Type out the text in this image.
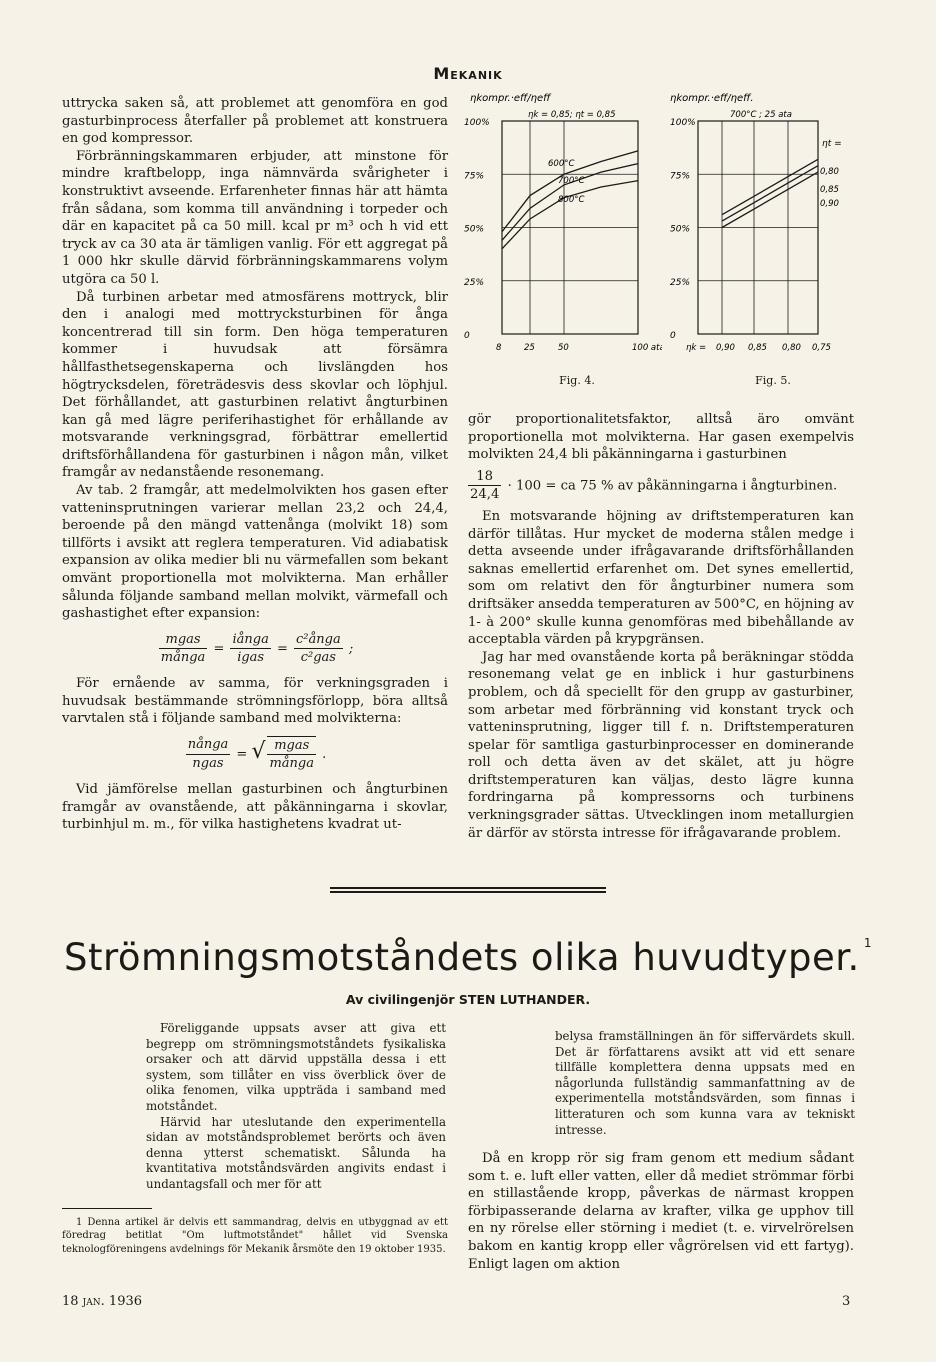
Mekanik

uttrycka saken så, att problemet att genomföra en god gasturbinprocess återfaller på problemet att konstruera en god kompressor.

Förbränningskammaren erbjuder, att minstone för mindre kraftbelopp, inga nämnvärda svårigheter i konstruktivt avseende. Erfarenheter finnas här att hämta från sådana, som komma till användning i torpeder och där en kapacitet på ca 50 mill. kcal pr m³ och h vid ett tryck av ca 30 ata är tämligen vanlig. För ett aggregat på 1 000 hkr skulle därvid förbränningskammarens volym utgöra ca 50 l.

Då turbinen arbetar med atmosfärens mottryck, blir den i analogi med mottrycksturbinen för ånga koncentrerad till sin form. Den höga temperaturen kommer i huvudsak att försämra hållfasthetsegenskaperna och livslängden hos högtrycksdelen, företrädesvis dess skovlar och löphjul. Det förhållandet, att gasturbinen relativt ångturbinen kan gå med lägre periferihastighet för erhållande av motsvarande verkningsgrad, förbättrar emellertid driftsförhållandena för gasturbinen i någon mån, vilket framgår av nedanstående resonemang.

Av tab. 2 framgår, att medelmolvikten hos gasen efter vatteninsprutningen varierar mellan 23,2 och 24,4, beroende på den mängd vattenånga (molvikt 18) som tillförts i avsikt att reglera temperaturen. Vid adiabatisk expansion av olika medier bli nu värmefallen som bekant omvänt proportionella mot molvikterna. Man erhåller sålunda följande samband mellan molvikt, värmefall och gashastighet efter expansion:

$\frac{\text{mgas}}{\text{många}} = \frac{\text{iånga}}{\text{igas}} = \frac{\text{c²ånga}}{\text{c²gas}}$ ;

För ernående av samma, för verkningsgraden i huvudsak bestämmande strömningsförlopp, böra alltså varvtalen stå i följande samband med molvikterna:

$\frac{\text{nånga}}{\text{ngas}}$ = √ $\frac{\text{mgas}}{\text{många}}$ .

Vid jämförelse mellan gasturbinen och ångturbinen framgår av ovanstående, att påkänningarna i skovlar, turbinhjul m. m., för vilka hastighetens kvadrat ut-

ηkompr.·eff/ηeff
ηk = 0,85; ηt = 0,85
100%
75%
50%
25%
0
8	25	50	100 ata
600°C
700°C
800°C
Fig. 4.
ηkompr.·eff/ηeff.
700°C ; 25 ata
ηt =
100%
75%
50%
25%
0
0,90 0,85 0,80 0,75
0,80
0,85
0,90
ηk =
Fig. 5.

gör proportionalitetsfaktor, alltså äro omvänt proportionella mot molvikterna. Har gasen exempelvis molvikten 24,4 bli påkänningarna i gasturbinen

$\frac{18}{24,4} \cdot 100$ = ca 75 % av påkänningarna i ångturbinen.

En motsvarande höjning av driftstemperaturen kan därför tillåtas. Hur mycket de moderna stålen medge i detta avseende under ifrågavarande driftsförhållanden saknas emellertid erfarenhet om. Det synes emellertid, som om relativt den för ångturbiner numera som driftsäker ansedda temperaturen av 500°C, en höjning av 1- à 200° skulle kunna genomföras med bibehållande av acceptabla värden på krypgränsen.

Jag har med ovanstående korta på beräkningar stödda resonemang velat ge en inblick i hur gasturbinens problem, och då speciellt för den grupp av gasturbiner, som arbetar med förbränning vid konstant tryck och vatteninsprutning, ligger till f. n. Driftstemperaturen spelar för samtliga gasturbinprocesser en dominerande roll och detta även av det skälet, att ju högre driftstemperaturen kan väljas, desto lägre kunna fordringarna på kompressorns och turbinens verkningsgrader sättas. Utvecklingen inom metallurgien är därför av största intresse för ifrågavarande problem.

Strömningsmotståndets olika huvudtyper. $^1$
Av civilingenjör STEN LUTHANDER.

Föreliggande uppsats avser att giva ett begrepp om strömningsmotståndets fysikaliska orsaker och att därvid uppställa dessa i ett system, som tillåter en viss överblick över de olika fenomen, vilka uppträda i samband med motståndet.

Härvid har uteslutande den experimentella sidan av motståndsproblemet berörts och även denna ytterst schematiskt. Sålunda ha kvantitativa motståndsvärden angivits endast i undantagsfall och mer för att

belysa framställningen än för siffervärdets skull. Det är författarens avsikt att vid ett senare tillfälle komplettera denna uppsats med en någorlunda fullständig sammanfattning av de experimentella motståndsvärden, som finnas i litteraturen och som kunna vara av tekniskt intresse.

Då en kropp rör sig fram genom ett medium sådant som t. e. luft eller vatten, eller då mediet strömmar förbi en stillastående kropp, påverkas de närmast kroppen förbipasserande delarna av krafter, vilka ge upphov till en ny rörelse eller störning i mediet (t. e. virvelrörelsen bakom en kantig kropp eller vågrörelsen vid ett fartyg). Enligt lagen om aktion

1 Denna artikel är delvis ett sammandrag, delvis en utbyggnad av ett föredrag betitlat "Om luftmotståndet" hållet vid Svenska teknologföreningens avdelnings för Mekanik årsmöte den 19 oktober 1935.
18 jan. 1936	3
